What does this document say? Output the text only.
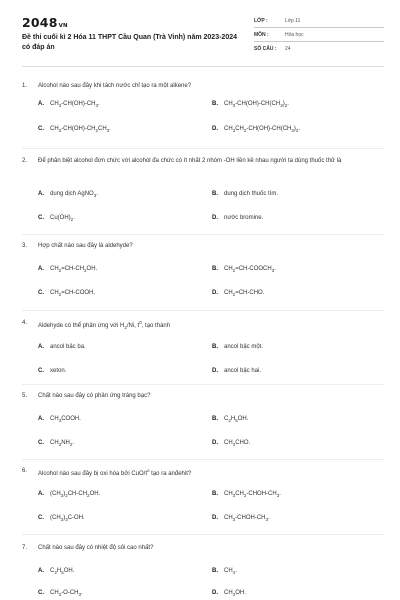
2048VN
Đề thi cuối kì 2 Hóa 11 THPT Cầu Quan (Trà Vinh) năm 2023-2024 có đáp án
LỚP :	Lớp 11
MÔN :	Hóa học
SỐ CÂU : 24
1. Alcohol nào sau đây khi tách nước chỉ tạo ra một alkene?
A. $CH_3-CH(OH)-CH_3$.	B. $CH_3-CH(OH)-CH(CH_3)_2$.
C. $CH_3-CH(OH)-CH_2CH_3$.	D. $CH_3CH_2-CH(OH)-CH(CH_3)_2$.
2. Để phân biệt alcohol đơn chức với alcohol đa chức có ít nhất 2 nhóm -OH liền kề nhau người ta dùng thuốc thử là
A. dung dịch AgNO$_3$.	B. dung dịch thuốc tím.
C. $Cu(OH)_2$.	D. nước bromine.
3. Hợp chất nào sau đây là aldehyde?
A. $CH_2=CH-CH_2OH$.	B. $CH_2=CH-COOCH_3$.
C. $CH_2=CH$-COOH.	D. $CH_2=CH$-CHO.
4. Aldehyde có thể phản ứng với $H_2/Ni$, $t^0$, tạo thành
A. ancol bậc ba.	B. ancol bậc một.
C. xeton.	D. ancol bậc hai.
5. Chất nào sau đây có phản ứng tráng bạc?
A. $CH_3COOH$.	B. $C_2H_5OH$.
C. $CH_3NH_2$.	D. $CH_3CHO$.
6. Alcohol nào sau đây bị oxi hóa bởi CuO/$t^o$ tạo ra anđehit?
A. $(CH_3)_2CH-CH_2OH$.	B. $CH_3CH_2-CHOH-CH_3$.
C. $(CH_3)_3C-OH$.	D. $CH_3-CHOH-CH_3$.
7. Chất nào sau đây có nhiệt độ sôi cao nhất?
A. $C_2H_5OH$.	B. $CH_4$.
C. $CH_3-O-CH_3$.	D. $CH_3OH$.
